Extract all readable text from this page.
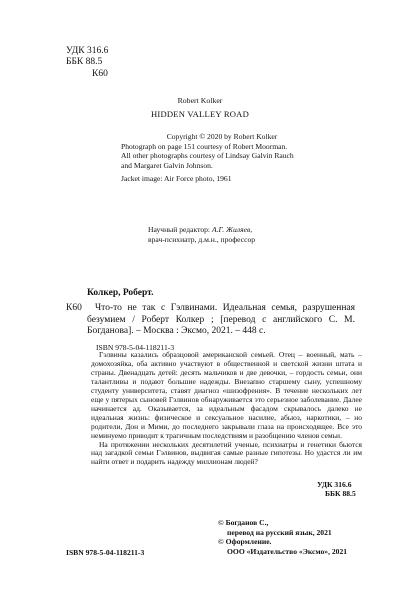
УДК 316.6
ББК 88.5
К60
Robert Kolker
HIDDEN VALLEY ROAD
Copyright © 2020 by Robert Kolker
Photograph on page 151 courtesy of Robert Moorman.
All other photographs courtesy of Lindsay Galvin Rauch
and Margaret Galvin Johnson.
Jacket image: Air Force photo, 1961
Научный редактор: А.Г. Жиляев,
врач-психиатр, д.м.н., профессор
Колкер, Роберт.
К60	Что-то не так с Гэлвинами. Идеальная семья, разрушенная безумием / Роберт Колкер ; [перевод с английского С. М. Богданова]. – Москва : Эксмо, 2021. – 448 с.
ISBN 978-5-04-118211-3

Гэлвины казались образцовой американской семьей. Отец – военный, мать – домохозяйка, оба активно участвуют в общественной и светской жизни штата и страны. Двенадцать детей: десять мальчиков и две девочки, – гордость семьи, они талантливы и подают большие надежды. Внезапно старшему сыну, успешному студенту университета, ставят диагноз «шизофрения». В течение нескольких лет еще у пятерых сыновей Гэлвинов обнаруживается это серьезное заболевание. Далее начинается ад. Оказывается, за идеальным фасадом скрывалось далеко не идеальная жизнь: физическое и сексуальное насилие, абьюз, наркотики, – но родители, Дон и Мими, до последнего закрывали глаза на происходящее. Все это неминуемо приводит к трагичным последствиям и разобщению членов семьи.

На протяжении нескольких десятилетий ученые, психиатры и генетики бьются над загадкой семьи Гэлвинов, выдвигая самые разные гипотезы. Но удастся ли им найти ответ и подарить надежду миллионам людей?

УДК 316.6
ББК 88.5
© Богданов С.,
перевод на русский язык, 2021
© Оформление.
ООО «Издательство «Эксмо», 2021
ISBN 978-5-04-118211-3
